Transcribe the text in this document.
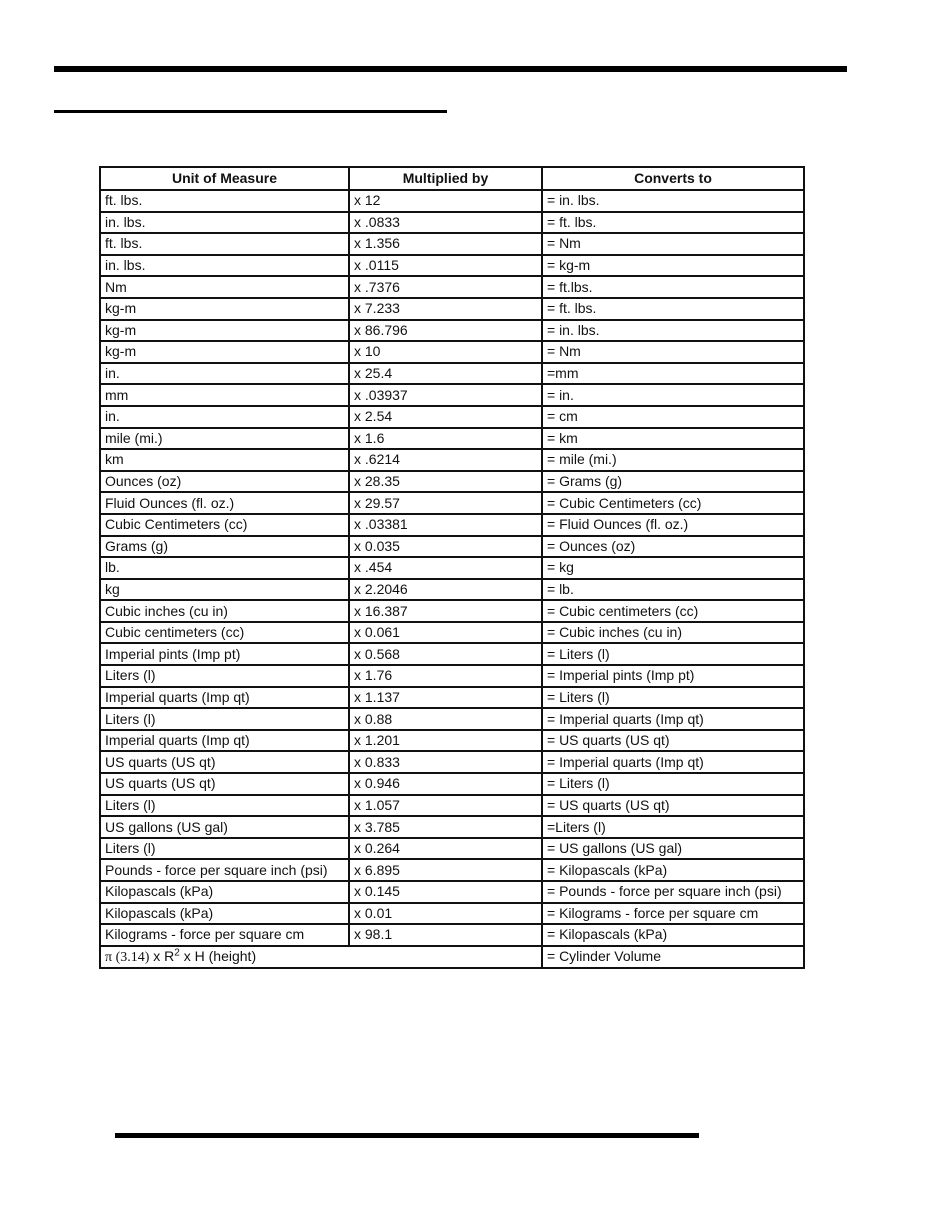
Unit of Measure	Multiplied by	Converts to
ft. lbs.	x 12	= in. lbs.
in. lbs.	x .0833	= ft. lbs.
ft. lbs.	x 1.356	= Nm
in. lbs.	x .0115	= kg-m
Nm	x .7376	= ft.lbs.
kg-m	x 7.233	= ft. lbs.
kg-m	x 86.796	= in. lbs.
kg-m	x 10	= Nm
in.	x 25.4	=mm
mm	x .03937	= in.
in.	x 2.54	= cm
mile (mi.)	x 1.6	= km
km	x .6214	= mile (mi.)
Ounces (oz)	x 28.35	= Grams (g)
Fluid Ounces (fl. oz.)	x 29.57	= Cubic Centimeters (cc)
Cubic Centimeters (cc)	x .03381	= Fluid Ounces (fl. oz.)
Grams (g)	x 0.035	= Ounces (oz)
lb.	x .454	= kg
kg	x 2.2046	= lb.
Cubic inches (cu in)	x 16.387	= Cubic centimeters (cc)
Cubic centimeters (cc)	x 0.061	= Cubic inches (cu in)
Imperial pints (Imp pt)	x 0.568	= Liters (l)
Liters (l)	x 1.76	= Imperial pints (Imp pt)
Imperial quarts (Imp qt)	x 1.137	= Liters (l)
Liters (l)	x 0.88	= Imperial quarts (Imp qt)
Imperial quarts (Imp qt)	x 1.201	= US quarts (US qt)
US quarts (US qt)	x 0.833	= Imperial quarts (Imp qt)
US quarts (US qt)	x 0.946	= Liters (l)
Liters (l)	x 1.057	= US quarts (US qt)
US gallons (US gal)	x 3.785	=Liters (l)
Liters (l)	x 0.264	= US gallons (US gal)
Pounds - force per square inch (psi)	x 6.895	= Kilopascals (kPa)
Kilopascals (kPa)	x 0.145	= Pounds - force per square inch (psi)
Kilopascals (kPa)	x 0.01	= Kilograms - force per square cm
Kilograms - force per square cm	x 98.1	= Kilopascals (kPa)
π (3.14) x $R^2$ x H (height)		= Cylinder Volume
